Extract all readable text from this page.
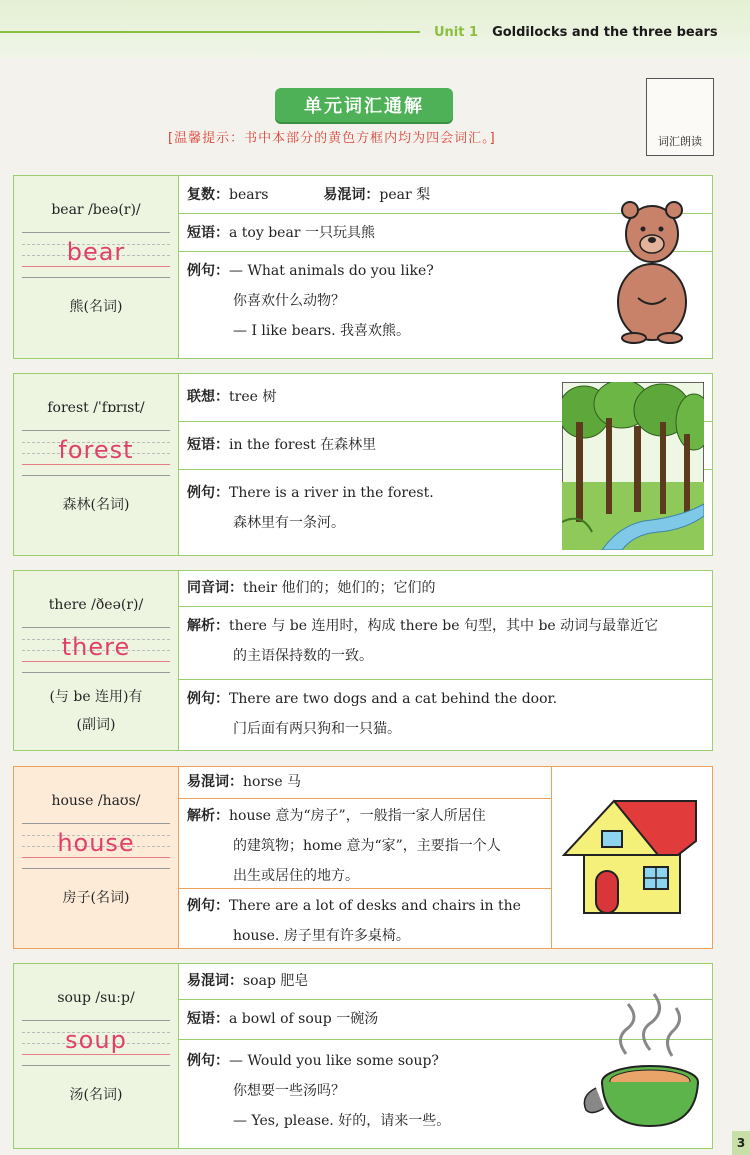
Unit 1 Goldilocks and the three bears
单元词汇通解
[温馨提示：书中本部分的黄色方框内均为四会词汇。]	词汇朗读
bear /beə(r)/
bear
熊(名词)
复数：bears	易混词：pear 梨
短语：a toy bear 一只玩具熊
例句：— What animals do you like?
你喜欢什么动物？
— I like bears. 我喜欢熊。
forest /ˈfɒrɪst/
forest
森林(名词)
联想：tree 树
短语：in the forest 在森林里
例句：There is a river in the forest.
森林里有一条河。
there /ðeə(r)/
there
(与 be 连用)有
(副词)
同音词：their 他们的；她们的；它们的
解析：there 与 be 连用时，构成 there be 句型，其中 be 动词与最靠近它
的主语保持数的一致。
例句：There are two dogs and a cat behind the door.
门后面有两只狗和一只猫。
house /haʊs/
house
房子(名词)
易混词：horse 马
解析：house 意为“房子”，一般指一家人所居住
的建筑物；home 意为“家”，主要指一个人
出生或居住的地方。
例句：There are a lot of desks and chairs in the
house. 房子里有许多桌椅。
soup /suːp/
soup
汤(名词)
易混词：soap 肥皂
短语：a bowl of soup 一碗汤
例句：— Would you like some soup?
你想要一些汤吗？
— Yes, please. 好的，请来一些。
3
